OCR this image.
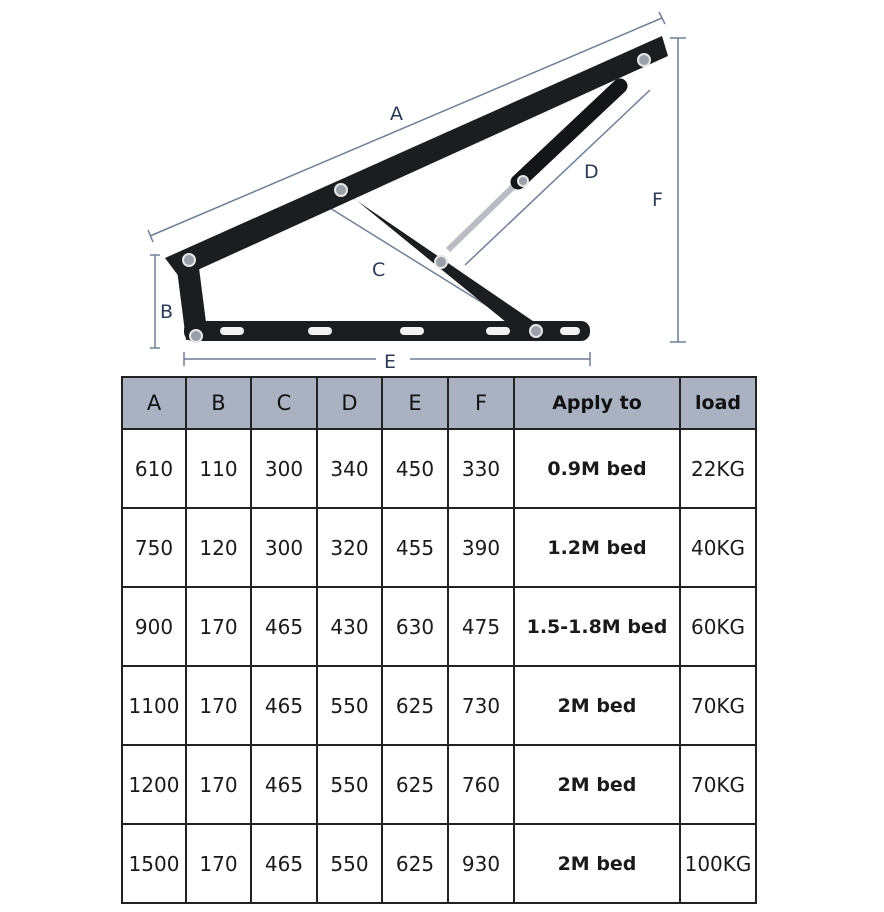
A
B
C
D
E
F
A	B	C	D	E	F	Apply to	load
610	110	300	340	450	330	0.9M bed	22KG
750	120	300	320	455	390	1.2M bed	40KG
900	170	465	430	630	475	1.5-1.8M bed	60KG
1100	170	465	550	625	730	2M bed	70KG
1200	170	465	550	625	760	2M bed	70KG
1500	170	465	550	625	930	2M bed	100KG
